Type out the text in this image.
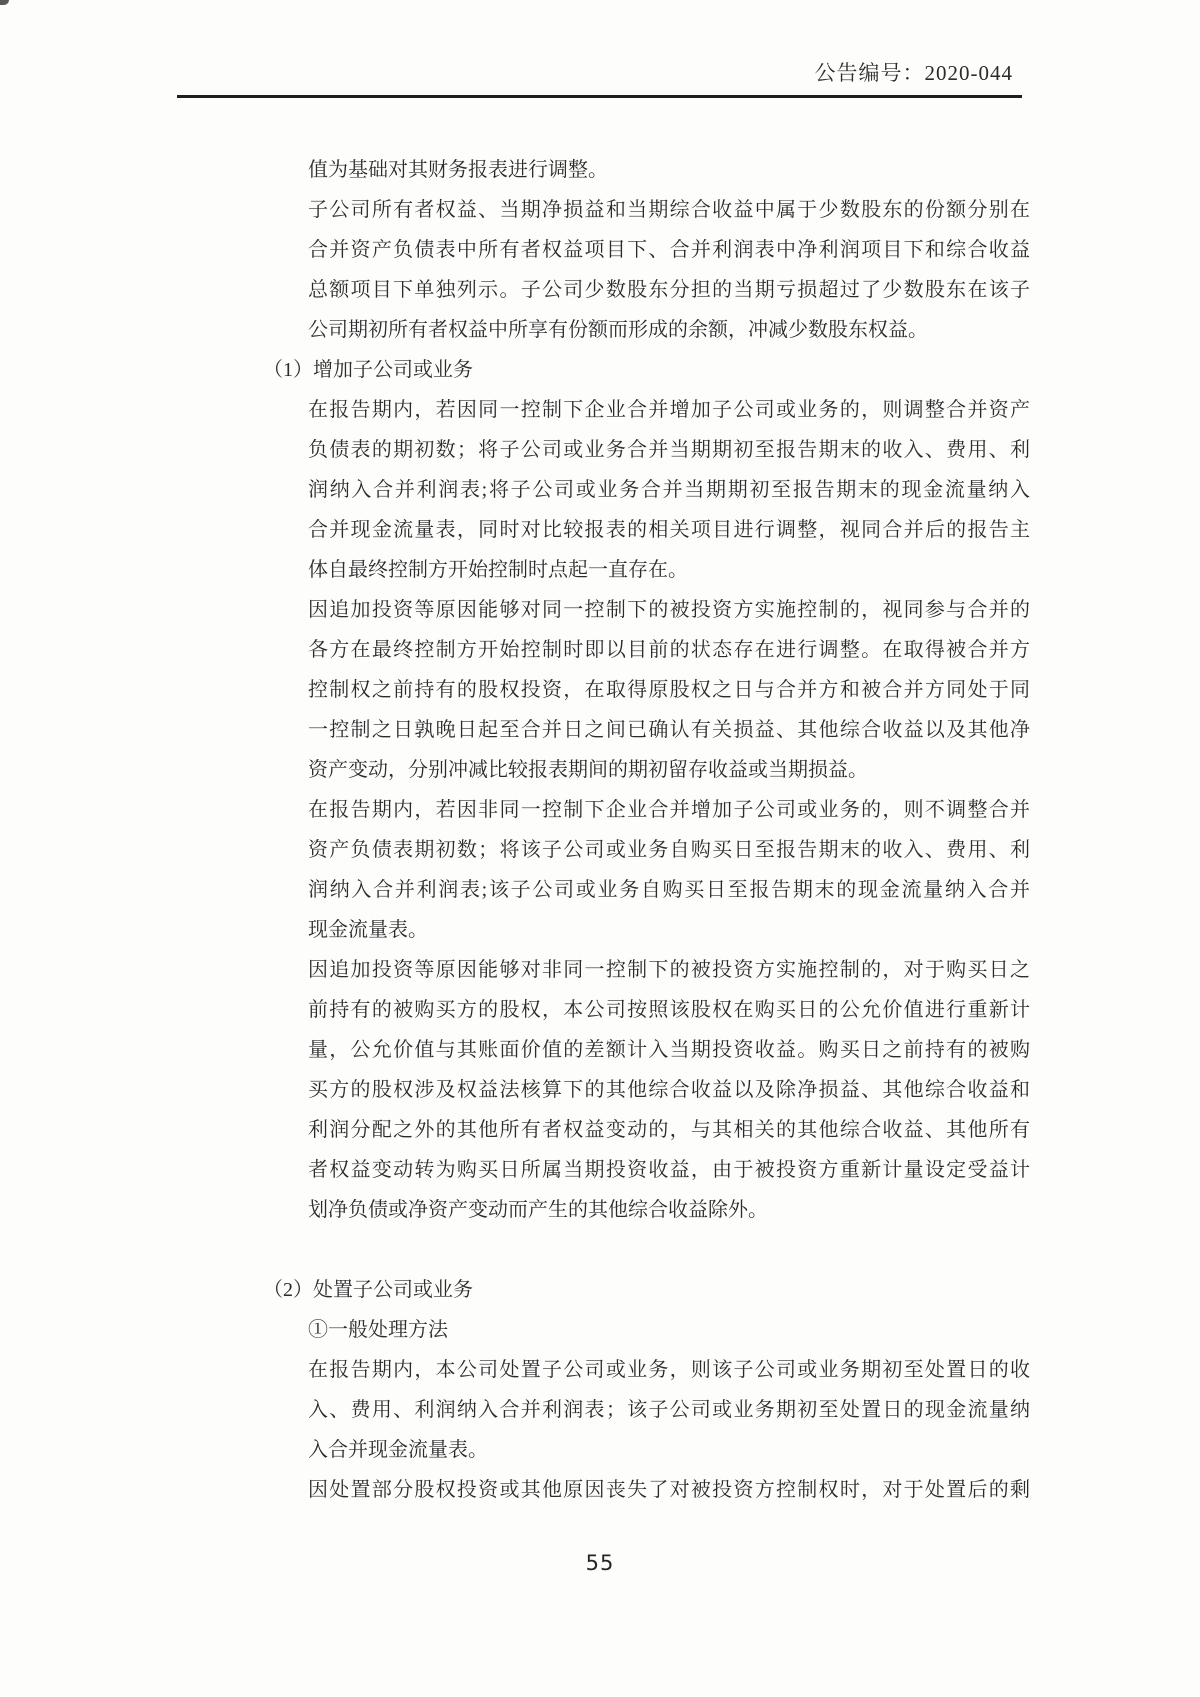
公告编号：2020-044
值为基础对其财务报表进行调整。
子公司所有者权益、当期净损益和当期综合收益中属于少数股东的份额分别在
合并资产负债表中所有者权益项目下、合并利润表中净利润项目下和综合收益
总额项目下单独列示。子公司少数股东分担的当期亏损超过了少数股东在该子
公司期初所有者权益中所享有份额而形成的余额，冲减少数股东权益。
（1）增加子公司或业务
在报告期内，若因同一控制下企业合并增加子公司或业务的，则调整合并资产
负债表的期初数；将子公司或业务合并当期期初至报告期末的收入、费用、利
润纳入合并利润表;将子公司或业务合并当期期初至报告期末的现金流量纳入
合并现金流量表，同时对比较报表的相关项目进行调整，视同合并后的报告主
体自最终控制方开始控制时点起一直存在。
因追加投资等原因能够对同一控制下的被投资方实施控制的，视同参与合并的
各方在最终控制方开始控制时即以目前的状态存在进行调整。在取得被合并方
控制权之前持有的股权投资，在取得原股权之日与合并方和被合并方同处于同
一控制之日孰晚日起至合并日之间已确认有关损益、其他综合收益以及其他净
资产变动，分别冲减比较报表期间的期初留存收益或当期损益。
在报告期内，若因非同一控制下企业合并增加子公司或业务的，则不调整合并
资产负债表期初数；将该子公司或业务自购买日至报告期末的收入、费用、利
润纳入合并利润表;该子公司或业务自购买日至报告期末的现金流量纳入合并
现金流量表。
因追加投资等原因能够对非同一控制下的被投资方实施控制的，对于购买日之
前持有的被购买方的股权，本公司按照该股权在购买日的公允价值进行重新计
量，公允价值与其账面价值的差额计入当期投资收益。购买日之前持有的被购
买方的股权涉及权益法核算下的其他综合收益以及除净损益、其他综合收益和
利润分配之外的其他所有者权益变动的，与其相关的其他综合收益、其他所有
者权益变动转为购买日所属当期投资收益，由于被投资方重新计量设定受益计
划净负债或净资产变动而产生的其他综合收益除外。
（2）处置子公司或业务
①一般处理方法
在报告期内，本公司处置子公司或业务，则该子公司或业务期初至处置日的收
入、费用、利润纳入合并利润表；该子公司或业务期初至处置日的现金流量纳
入合并现金流量表。
因处置部分股权投资或其他原因丧失了对被投资方控制权时，对于处置后的剩
55
